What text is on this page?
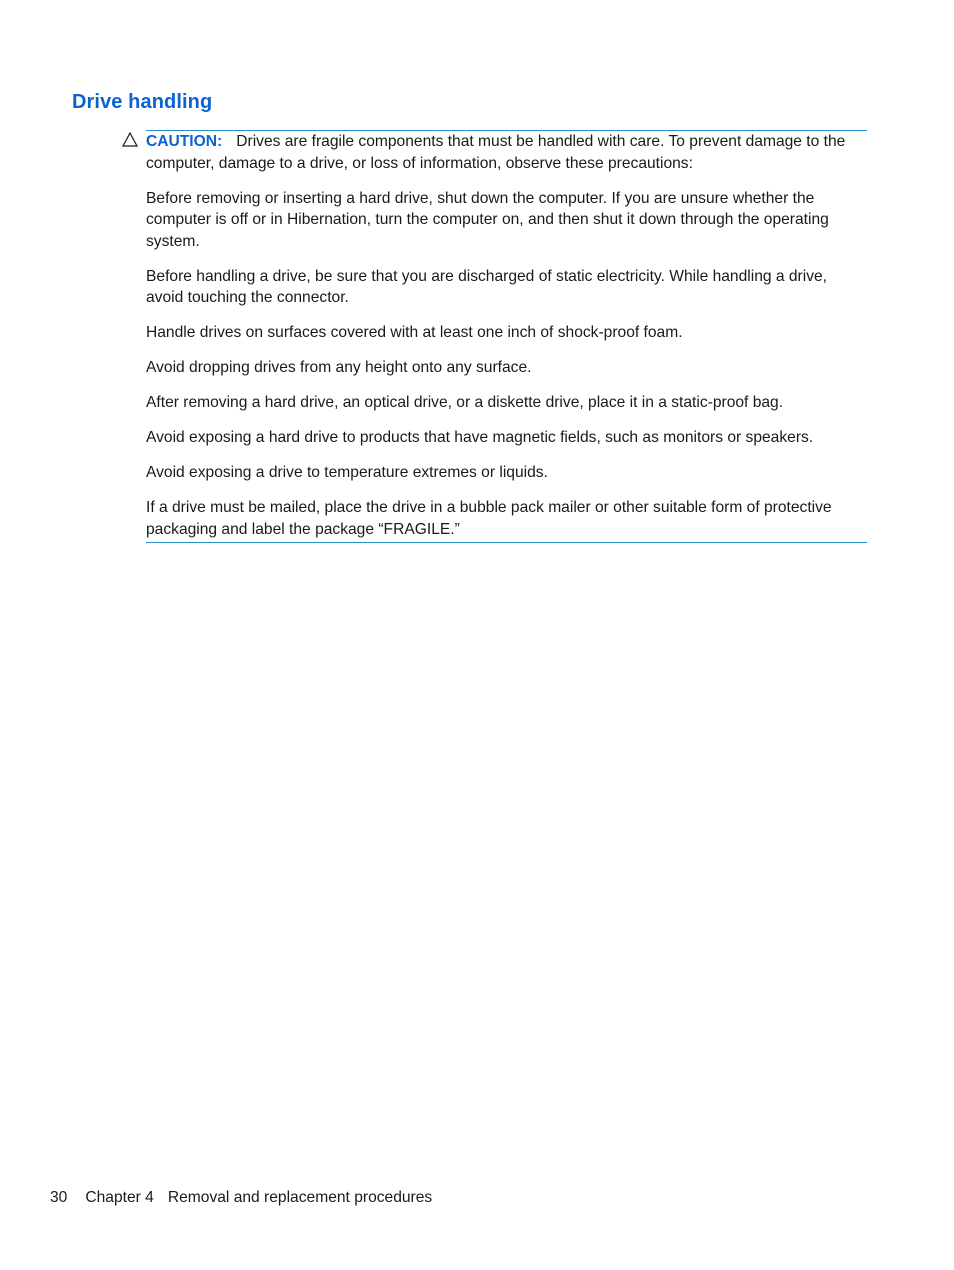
Drive handling

CAUTION: Drives are fragile components that must be handled with care. To prevent damage to the computer, damage to a drive, or loss of information, observe these precautions:

Before removing or inserting a hard drive, shut down the computer. If you are unsure whether the computer is off or in Hibernation, turn the computer on, and then shut it down through the operating system.

Before handling a drive, be sure that you are discharged of static electricity. While handling a drive, avoid touching the connector.

Handle drives on surfaces covered with at least one inch of shock-proof foam.

Avoid dropping drives from any height onto any surface.

After removing a hard drive, an optical drive, or a diskette drive, place it in a static-proof bag.

Avoid exposing a hard drive to products that have magnetic fields, such as monitors or speakers.

Avoid exposing a drive to temperature extremes or liquids.

If a drive must be mailed, place the drive in a bubble pack mailer or other suitable form of protective packaging and label the package “FRAGILE.”

30 Chapter 4 Removal and replacement procedures
